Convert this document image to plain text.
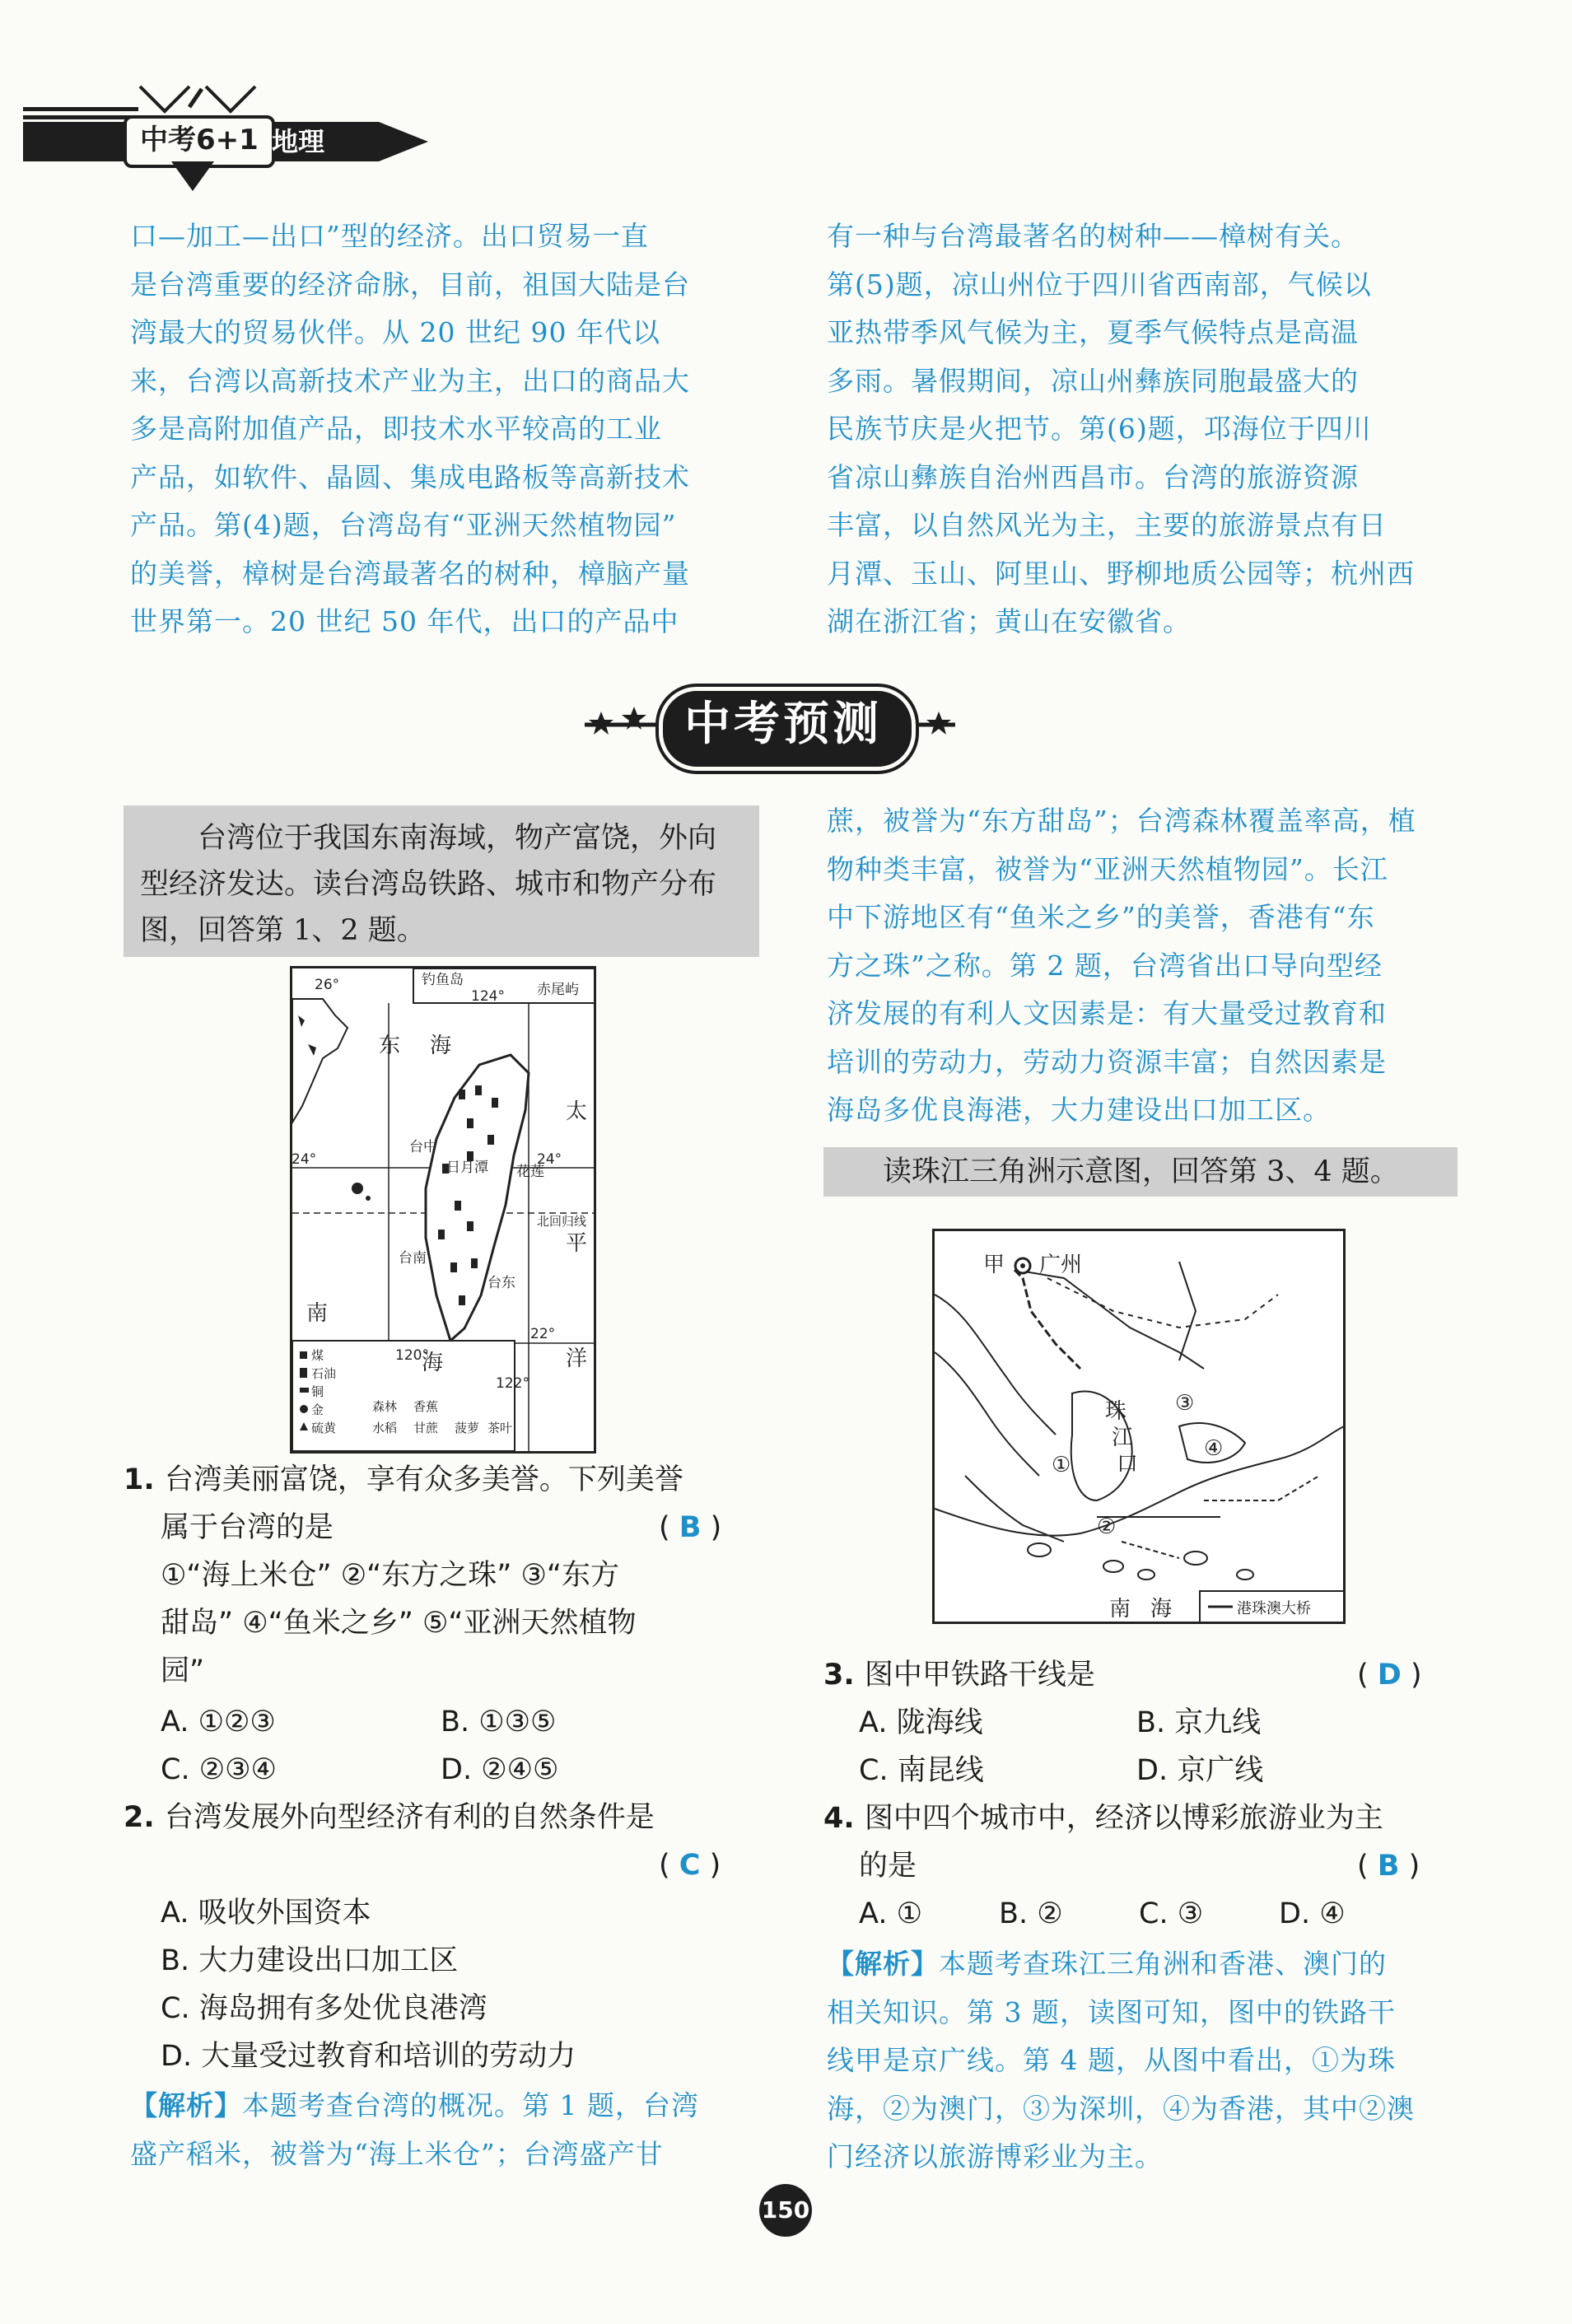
中考6+1 地理

口—加工—出口”型的经济。出口贸易一直

是台湾重要的经济命脉，目前，祖国大陆是台

湾最大的贸易伙伴。从 20 世纪 90 年代以

来，台湾以高新技术产业为主，出口的商品大

多是高附加值产品，即技术水平较高的工业

产品，如软件、晶圆、集成电路板等高新技术

产品。第(4)题，台湾岛有“亚洲天然植物园”

的美誉，樟树是台湾最著名的树种，樟脑产量

世界第一。20 世纪 50 年代，出口的产品中

有一种与台湾最著名的树种——樟树有关。

第(5)题，凉山州位于四川省西南部，气候以

亚热带季风气候为主，夏季气候特点是高温

多雨。暑假期间，凉山州彝族同胞最盛大的

民族节庆是火把节。第(6)题，邛海位于四川

省凉山彝族自治州西昌市。台湾的旅游资源

丰富，以自然风光为主，主要的旅游景点有日

月潭、玉山、阿里山、野柳地质公园等；杭州西

湖在浙江省；黄山在安徽省。

中考预测
台湾位于我国东南海域，物产富饶，外向型经济发达。读台湾岛铁路、城市和物产分布图，回答第 1、2 题。
26°	钓鱼岛
赤尾屿
124°
24°	24°
北回归线
22°
120°
122°
台中
日月潭 花莲
台南
台东
东 海
太
平
洋
南
海
煤
石油
铜
金
硫黄
森林
水稻
香蕉
甘蔗 菠萝 茶叶
1. 台湾美丽富饶，享有众多美誉。下列美誉
属于台湾的是	( B )
①“海上米仓” ②“东方之珠” ③“东方
甜岛” ④“鱼米之乡” ⑤“亚洲天然植物
园”
A. ①②③	B. ①③⑤
C. ②③④	D. ②④⑤
2. 台湾发展外向型经济有利的自然条件是
( C )
A. 吸收外国资本
B. 大力建设出口加工区
C. 海岛拥有多处优良港湾
D. 大量受过教育和培训的劳动力

【解析】本题考查台湾的概况。第 1 题，台湾

盛产稻米，被誉为“海上米仓”；台湾盛产甘

蔗，被誉为“东方甜岛”；台湾森林覆盖率高，植

物种类丰富，被誉为“亚洲天然植物园”。长江

中下游地区有“鱼米之乡”的美誉，香港有“东

方之珠”之称。第 2 题，台湾省出口导向型经

济发展的有利人文因素是：有大量受过教育和

培训的劳动力，劳动力资源丰富；自然因素是

海岛多优良海港，大力建设出口加工区。

读珠江三角洲示意图，回答第 3、4 题。
甲 广州
珠
江
口
①
②
③
④
南 海	港珠澳大桥
3. 图中甲铁路干线是	( D )
A. 陇海线	B. 京九线
C. 南昆线	D. 京广线
4. 图中四个城市中，经济以博彩旅游业为主
的是	( B )
A. ①	B. ②	C. ③	D. ④

【解析】本题考查珠江三角洲和香港、澳门的

相关知识。第 3 题，读图可知，图中的铁路干

线甲是京广线。第 4 题，从图中看出，①为珠

海，②为澳门，③为深圳，④为香港，其中②澳

门经济以旅游博彩业为主。

150
